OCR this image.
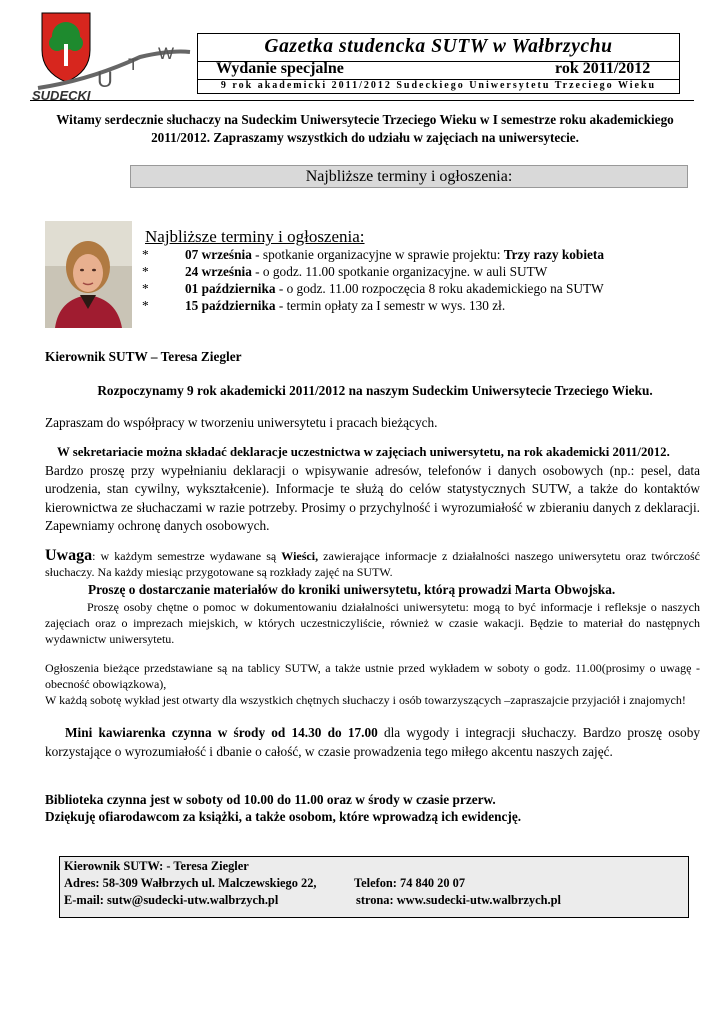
U
T
W
SUDECKI
Gazetka studencka SUTW w Wałbrzychu
Wydanie specjalne	rok 2011/2012
9 rok akademicki 2011/2012 Sudeckiego Uniwersytetu Trzeciego Wieku
Witamy serdecznie słuchaczy na Sudeckim Uniwersytecie Trzeciego Wieku w I semestrze roku akademickiego 2011/2012. Zapraszamy wszystkich do udziału w zajęciach na uniwersytecie.
Najbliższe terminy i ogłoszenia:
Najbliższe terminy i ogłoszenia:
*	07 września - spotkanie organizacyjne w sprawie projektu: Trzy razy kobieta
*	24 września - o godz. 11.00 spotkanie organizacyjne. w auli SUTW
*	01 października - o godz. 11.00 rozpoczęcia 8 roku akademickiego na SUTW
*	15 października - termin opłaty za I semestr w wys. 130 zł.
Kierownik SUTW – Teresa Ziegler
Rozpoczynamy 9 rok akademicki 2011/2012 na naszym Sudeckim Uniwersytecie Trzeciego Wieku.
Zapraszam do współpracy w tworzeniu uniwersytetu i pracach bieżących.
W sekretariacie można składać deklaracje uczestnictwa w zajęciach uniwersytetu, na rok akademicki 2011/2012.
Bardzo proszę przy wypełnianiu deklaracji o wpisywanie adresów, telefonów i danych osobowych (np.: pesel, data urodzenia, stan cywilny, wykształcenie). Informacje te służą do celów statystycznych SUTW, a także do kontaktów kierownictwa ze słuchaczami w razie potrzeby. Prosimy o przychylność i wyrozumiałość w zbieraniu danych z deklaracji. Zapewniamy ochronę danych osobowych.
Uwaga: w każdym semestrze wydawane są Wieści, zawierające informacje z działalności naszego uniwersytetu oraz twórczość słuchaczy. Na każdy miesiąc przygotowane są rozkłady zajęć na SUTW.
Proszę o dostarczanie materiałów do kroniki uniwersytetu, którą prowadzi Marta Obwojska.
Proszę osoby chętne o pomoc w dokumentowaniu działalności uniwersytetu: mogą to być informacje i refleksje o naszych zajęciach oraz o imprezach miejskich, w których uczestniczyliście, również w czasie wakacji. Będzie to materiał do następnych wydawnictw uniwersytetu.
Ogłoszenia bieżące przedstawiane są na tablicy SUTW, a także ustnie przed wykładem w soboty o godz. 11.00(prosimy o uwagę - obecność obowiązkowa),
W każdą sobotę wykład jest otwarty dla wszystkich chętnych słuchaczy i osób towarzyszących –zapraszajcie przyjaciół i znajomych!
Mini kawiarenka czynna w środy od 14.30 do 17.00 dla wygody i integracji słuchaczy. Bardzo proszę osoby korzystające o wyrozumiałość i dbanie o całość, w czasie prowadzenia tego miłego akcentu naszych zajęć.
Biblioteka czynna jest w soboty od 10.00 do 11.00 oraz w środy w czasie przerw.
Dziękuję ofiarodawcom za książki, a także osobom, które wprowadzą ich ewidencję.
Kierownik SUTW: - Teresa Ziegler
Adres: 58-309 Wałbrzych ul. Malczewskiego 22,	Telefon: 74 840 20 07
E-mail: sutw@sudecki-utw.walbrzych.pl	strona: www.sudecki-utw.walbrzych.pl
